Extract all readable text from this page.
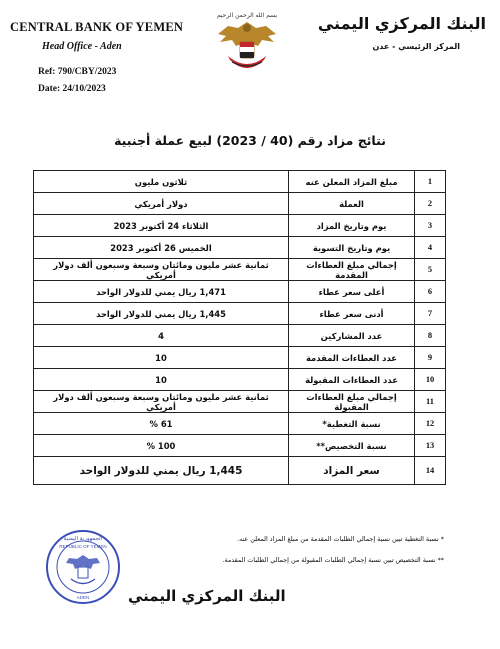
CENTRAL BANK OF YEMEN
Head Office - Aden
Ref: 790/CBY/2023
Date: 24/10/2023
البنك المركزي اليمني
المركز الرئيسي - عدن
بسم الله الرحمن الرحيم
نتائج مزاد رقم (40 / 2023) لبيع عملة أجنبية
1	مبلغ المزاد المعلن عنه	ثلاثون مليون
2	العملة	دولار أمريكي
3	يوم وتاريخ المزاد	الثلاثاء 24 أكتوبر 2023
4	يوم وتاريخ التسوية	الخميس 26 أكتوبر 2023
5	إجمالي مبلغ العطاءات المقدمة	ثمانية عشر مليون ومائتان وسبعة وسبعون ألف دولار أمريكي
6	أعلى سعر عطاء	1,471 ريال يمني للدولار الواحد
7	أدنى سعر عطاء	1,445 ريال يمني للدولار الواحد
8	عدد المشاركين	4
9	عدد العطاءات المقدمة	10
10	عدد العطاءات المقبولة	10
11	إجمالي مبلغ العطاءات المقبولة	ثمانية عشر مليون ومائتان وسبعة وسبعون ألف دولار أمريكي
12	نسبة التغطية*	61 %
13	نسبة التخصيص**	100 %
14	سعر المزاد	1,445 ريال يمني للدولار الواحد
* نسبة التغطية تبين نسبة إجمالي الطلبات المقدمة من مبلغ المزاد المعلن عنه.
** نسبة التخصيص تبين نسبة إجمالي الطلبات المقبولة من إجمالي الطلبات المقدمة.
الجمهورية اليمنية
REPUBLIC OF YEMEN
ADEN	البنك المركزي اليمني
